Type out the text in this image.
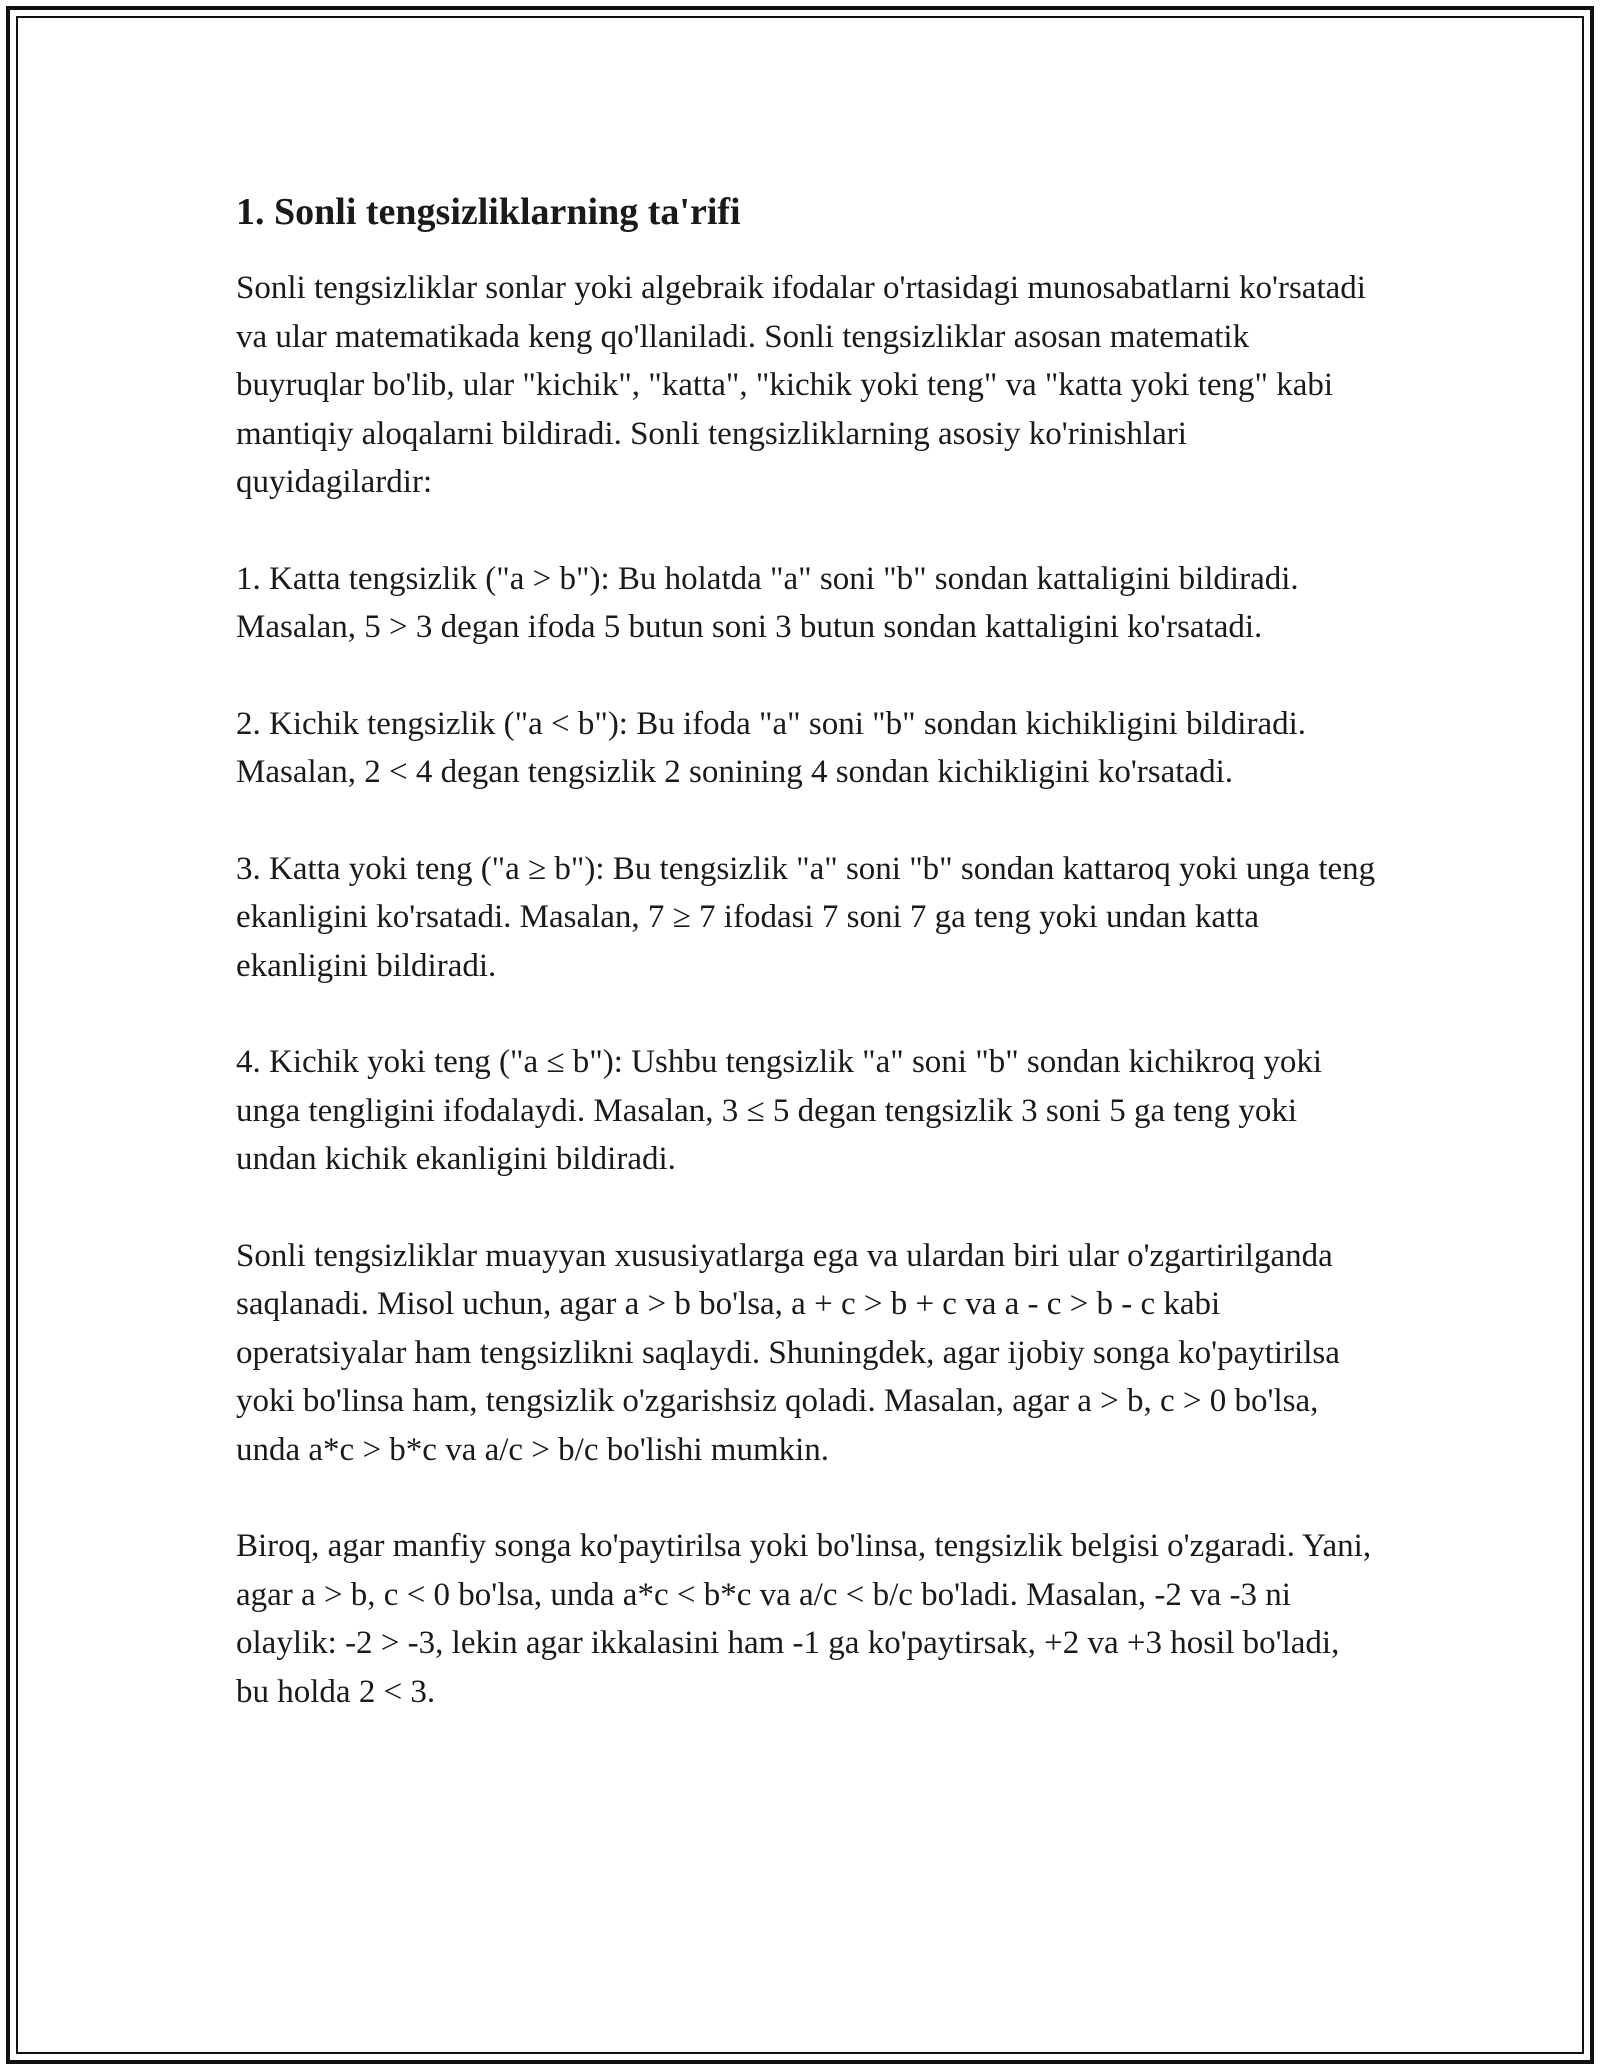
1. Sonli tengsizliklarning ta'rifi

Sonli tengsizliklar sonlar yoki algebraik ifodalar o'rtasidagi munosabatlarni ko'rsatadi va ular matematikada keng qo'llaniladi. Sonli tengsizliklar asosan matematik buyruqlar bo'lib, ular "kichik", "katta", "kichik yoki teng" va "katta yoki teng" kabi mantiqiy aloqalarni bildiradi. Sonli tengsizliklarning asosiy ko'rinishlari quyidagilardir:

1. Katta tengsizlik ("a > b"): Bu holatda "a" soni "b" sondan kattaligini bildiradi. Masalan, 5 > 3 degan ifoda 5 butun soni 3 butun sondan kattaligini ko'rsatadi.

2. Kichik tengsizlik ("a < b"): Bu ifoda "a" soni "b" sondan kichikligini bildiradi. Masalan, 2 < 4 degan tengsizlik 2 sonining 4 sondan kichikligini ko'rsatadi.

3. Katta yoki teng ("a ≥ b"): Bu tengsizlik "a" soni "b" sondan kattaroq yoki unga teng ekanligini ko'rsatadi. Masalan, 7 ≥ 7 ifodasi 7 soni 7 ga teng yoki undan katta ekanligini bildiradi.

4. Kichik yoki teng ("a ≤ b"): Ushbu tengsizlik "a" soni "b" sondan kichikroq yoki unga tengligini ifodalaydi. Masalan, 3 ≤ 5 degan tengsizlik 3 soni 5 ga teng yoki undan kichik ekanligini bildiradi.

Sonli tengsizliklar muayyan xususiyatlarga ega va ulardan biri ular o'zgartirilganda saqlanadi. Misol uchun, agar a > b bo'lsa, a + c > b + c va a - c > b - c kabi operatsiyalar ham tengsizlikni saqlaydi. Shuningdek, agar ijobiy songa ko'paytirilsa yoki bo'linsa ham, tengsizlik o'zgarishsiz qoladi. Masalan, agar a > b, c > 0 bo'lsa, unda a*c > b*c va a/c > b/c bo'lishi mumkin.

Biroq, agar manfiy songa ko'paytirilsa yoki bo'linsa, tengsizlik belgisi o'zgaradi. Yani, agar a > b, c < 0 bo'lsa, unda a*c < b*c va a/c < b/c bo'ladi. Masalan, -2 va -3 ni olaylik: -2 > -3, lekin agar ikkalasini ham -1 ga ko'paytirsak, +2 va +3 hosil bo'ladi, bu holda 2 < 3.
